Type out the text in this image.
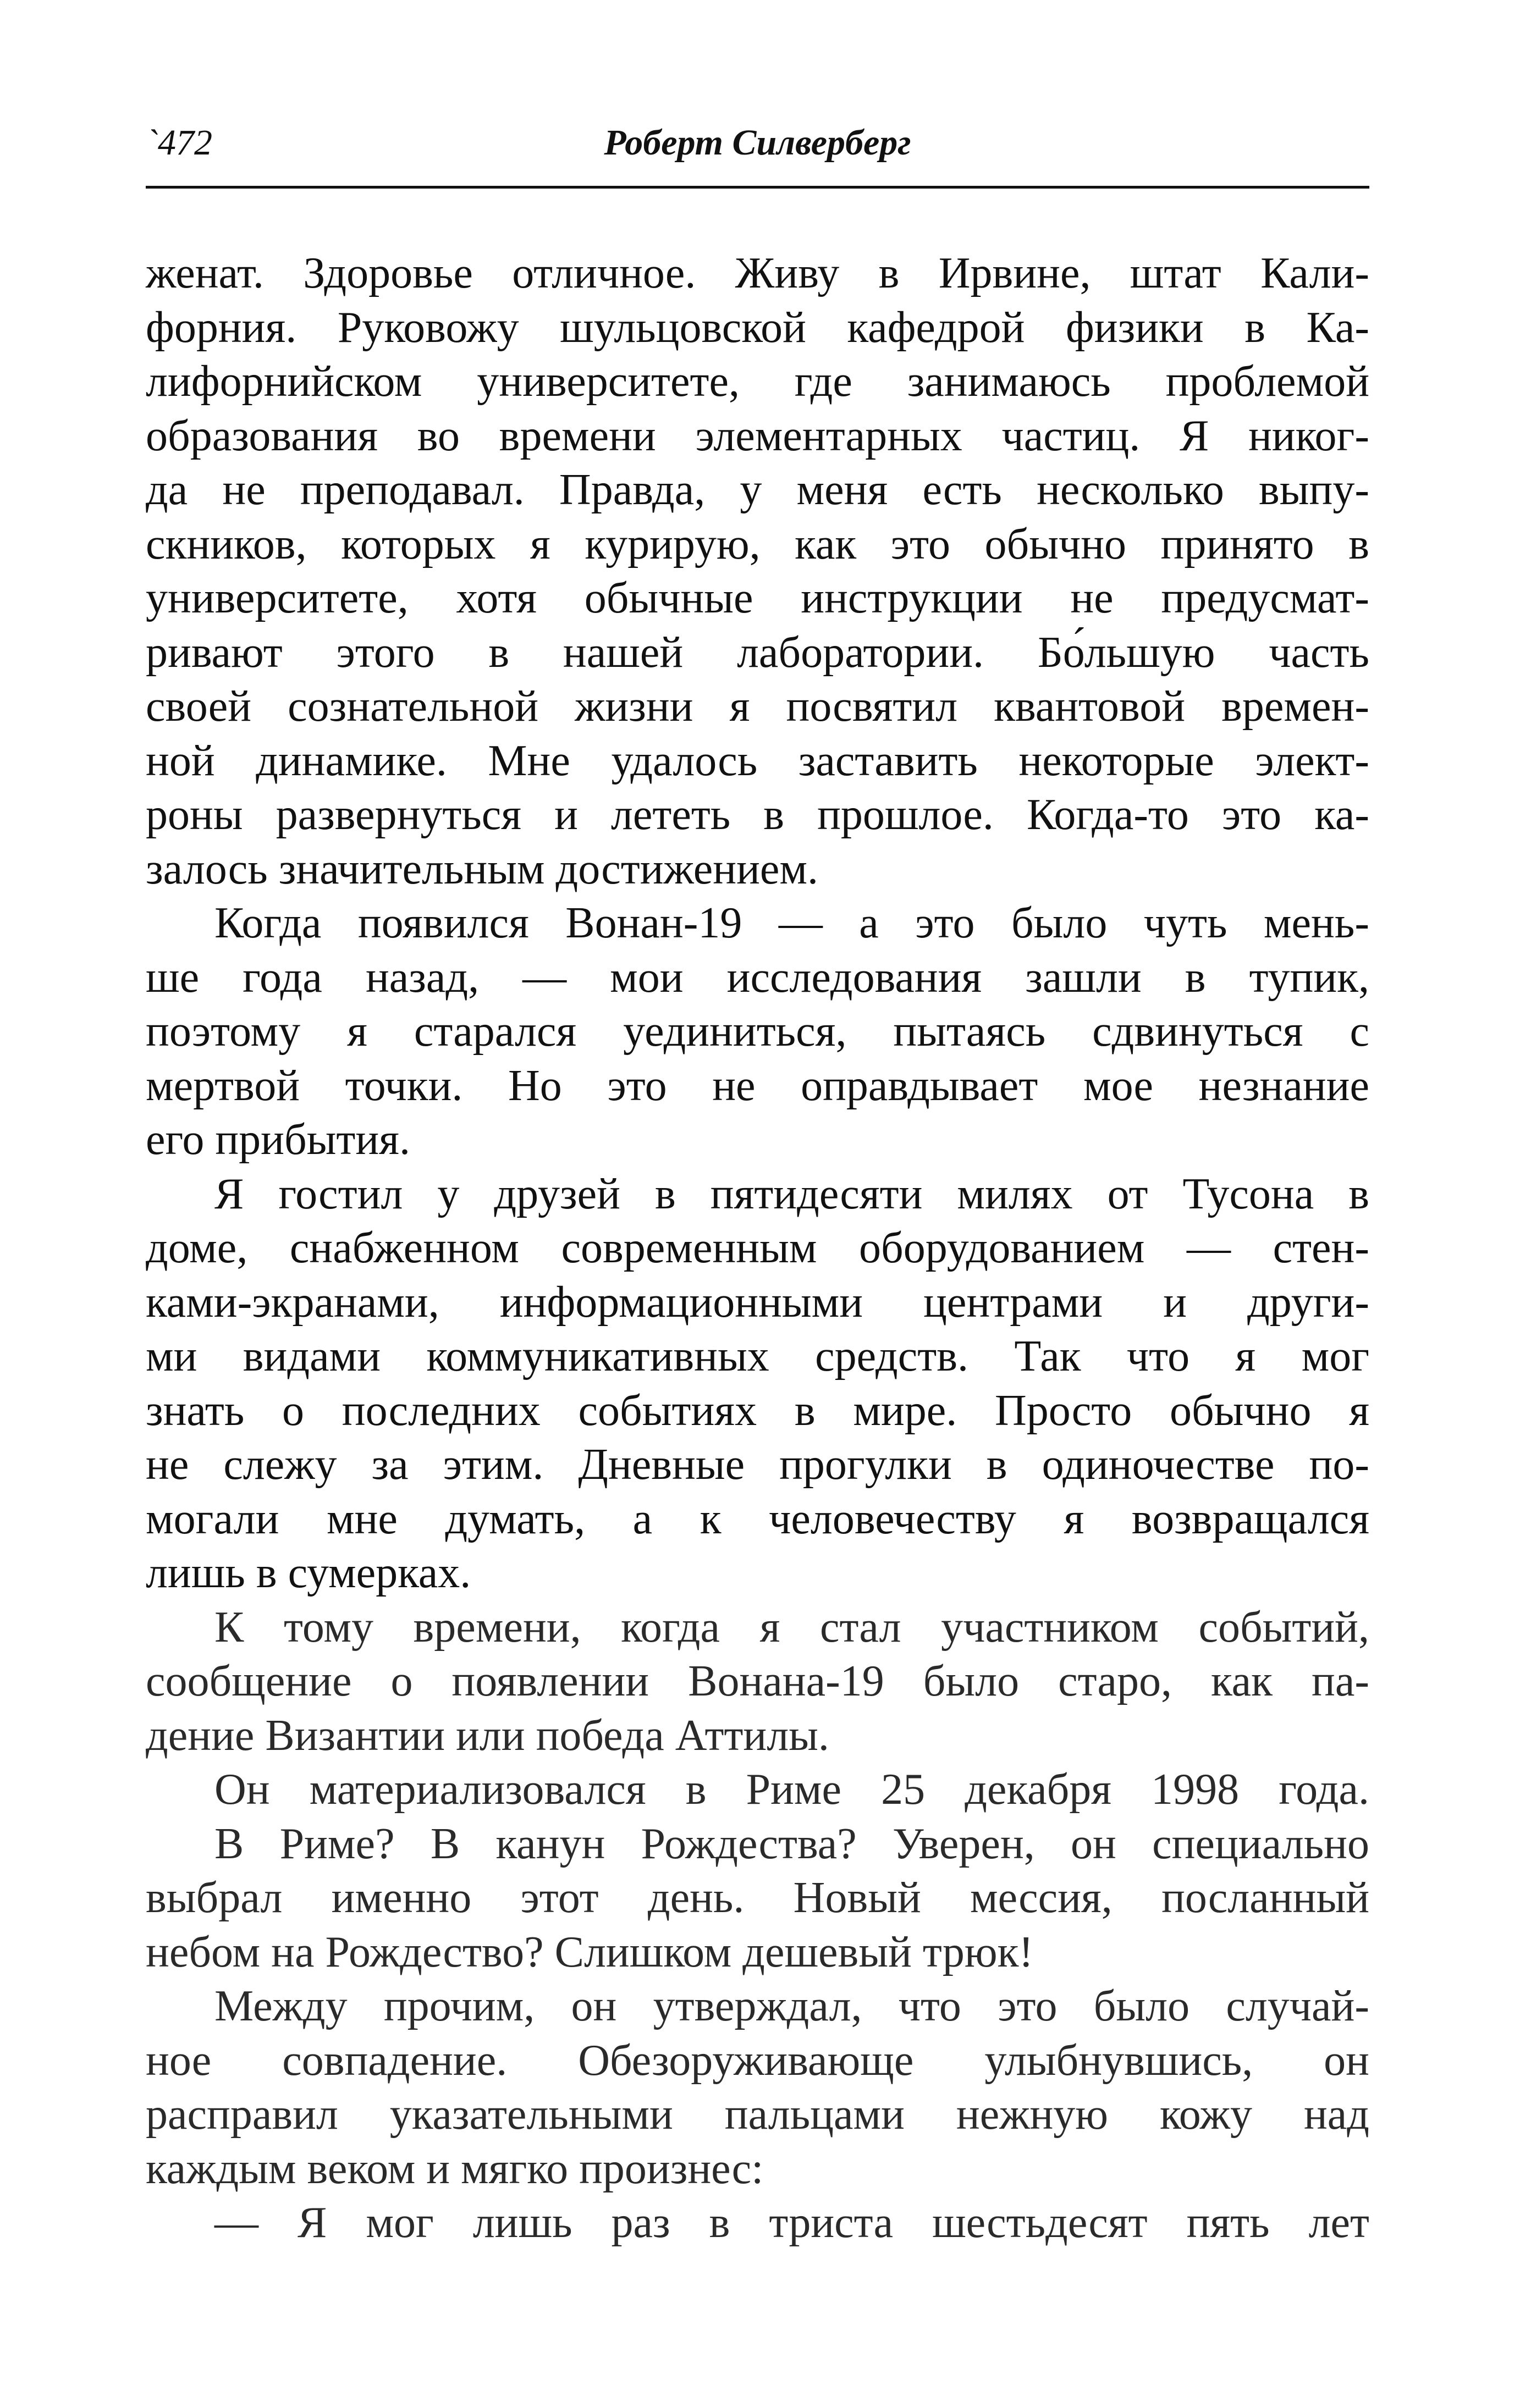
`472	Роберт Силверберг
женат. Здоровье отличное. Живу в Ирвине, штат Кали-
форния. Руковожу шульцовской кафедрой физики в Ка-
лифорнийском университете, где занимаюсь проблемой
образования во времени элементарных частиц. Я никог-
да не преподавал. Правда, у меня есть несколько выпу-
скников, которых я курирую, как это обычно принято в
университете, хотя обычные инструкции не предусмат-
ривают этого в нашей лаборатории. Бо́льшую часть
своей сознательной жизни я посвятил квантовой времен-
ной динамике. Мне удалось заставить некоторые элект-
роны развернуться и лететь в прошлое. Когда-то это ка-
залось значительным достижением.
Когда появился Вонан-19 — а это было чуть мень-
ше года назад, — мои исследования зашли в тупик,
поэтому я старался уединиться, пытаясь сдвинуться с
мертвой точки. Но это не оправдывает мое незнание
его прибытия.
Я гостил у друзей в пятидесяти милях от Тусона в
доме, снабженном современным оборудованием — стен-
ками-экранами, информационными центрами и други-
ми видами коммуникативных средств. Так что я мог
знать о последних событиях в мире. Просто обычно я
не слежу за этим. Дневные прогулки в одиночестве по-
могали мне думать, а к человечеству я возвращался
лишь в сумерках.
К тому времени, когда я стал участником событий,
сообщение о появлении Вонана-19 было старо, как па-
дение Византии или победа Аттилы.
Он материализовался в Риме 25 декабря 1998 года.
В Риме? В канун Рождества? Уверен, он специально
выбрал именно этот день. Новый мессия, посланный
небом на Рождество? Слишком дешевый трюк!
Между прочим, он утверждал, что это было случай-
ное совпадение. Обезоруживающе улыбнувшись, он
расправил указательными пальцами нежную кожу над
каждым веком и мягко произнес:
— Я мог лишь раз в триста шестьдесят пять лет
